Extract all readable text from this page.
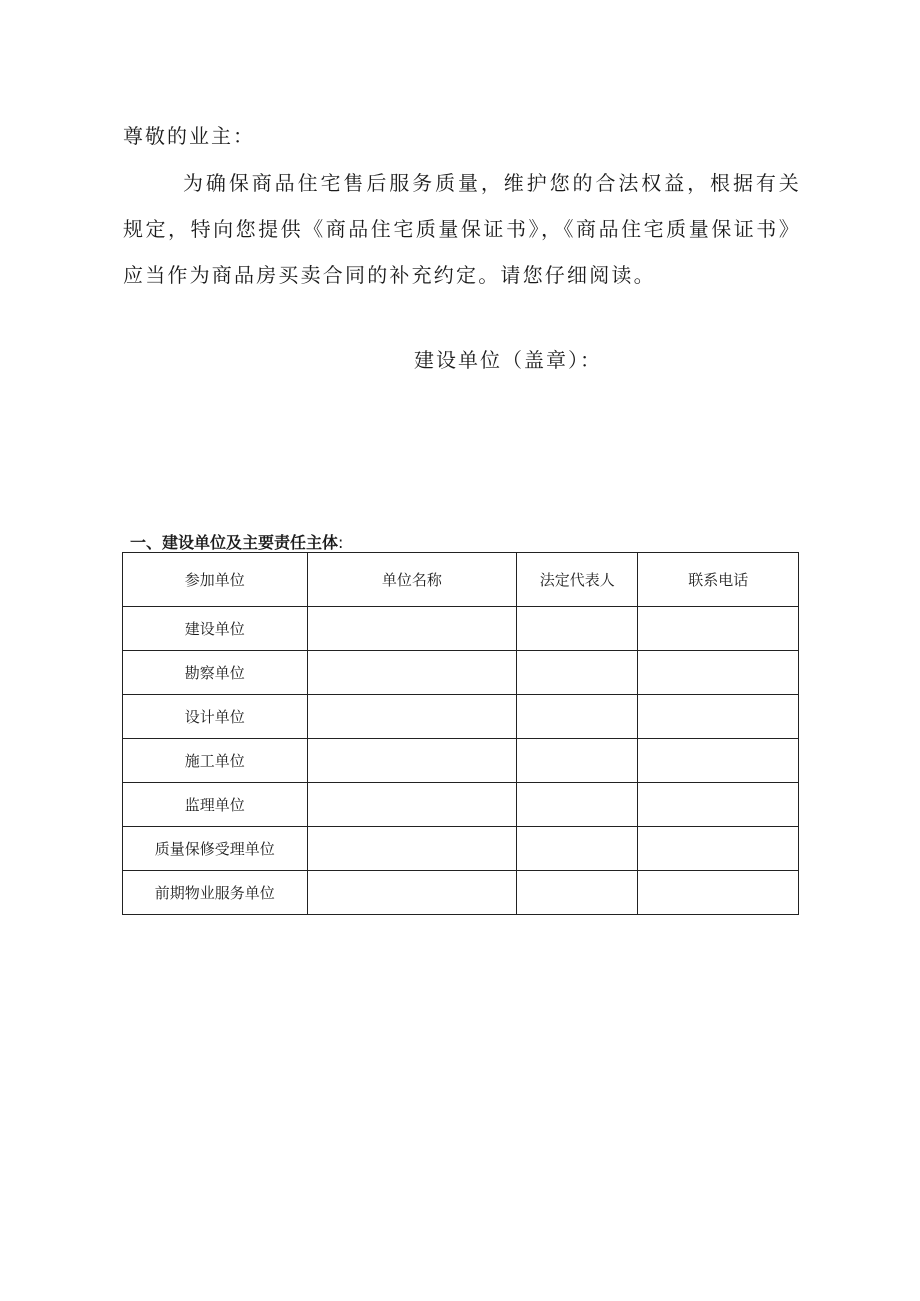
尊敬的业主：

为确保商品住宅售后服务质量，维护您的合法权益，根据有关规定，特向您提供《商品住宅质量保证书》，《商品住宅质量保证书》应当作为商品房买卖合同的补充约定。请您仔细阅读。

建设单位（盖章）：

一、建设单位及主要责任主体:

参加单位	单位名称	法定代表人	联系电话
建设单位			
勘察单位			
设计单位			
施工单位			
监理单位			
质量保修受理单位			
前期物业服务单位			
